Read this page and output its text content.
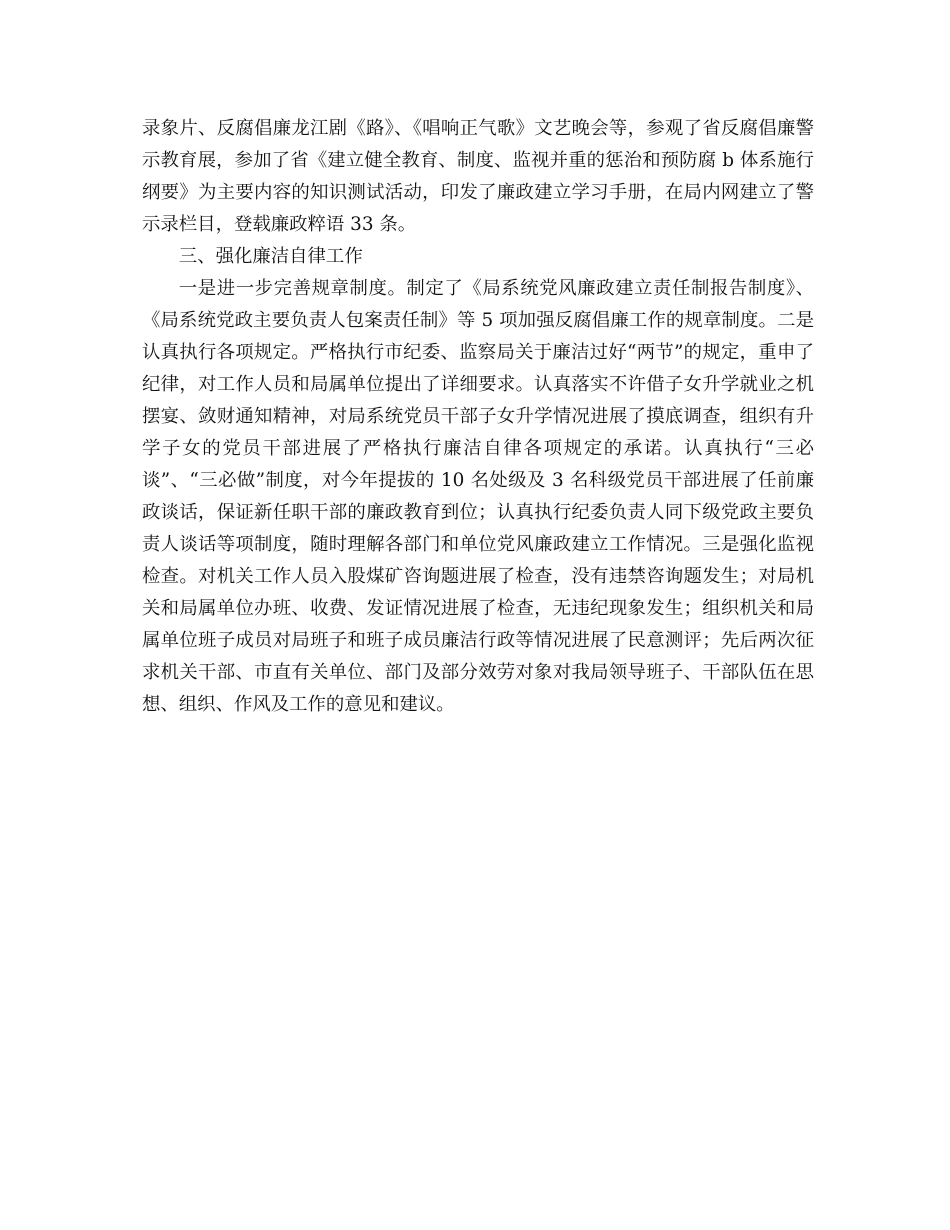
录象片、反腐倡廉龙江剧《路》、《唱响正气歌》文艺晚会等，参观了省反腐倡廉警示教育展，参加了省《建立健全教育、制度、监视并重的惩治和预防腐 b 体系施行纲要》为主要内容的知识测试活动，印发了廉政建立学习手册，在局内网建立了警示录栏目，登载廉政粹语 33 条。

三、强化廉洁自律工作

一是进一步完善规章制度。制定了《局系统党风廉政建立责任制报告制度》、《局系统党政主要负责人包案责任制》等 5 项加强反腐倡廉工作的规章制度。二是认真执行各项规定。严格执行市纪委、监察局关于廉洁过好“两节”的规定，重申了纪律，对工作人员和局属单位提出了详细要求。认真落实不许借子女升学就业之机摆宴、敛财通知精神，对局系统党员干部子女升学情况进展了摸底调查，组织有升学子女的党员干部进展了严格执行廉洁自律各项规定的承诺。认真执行“三必谈”、“三必做”制度，对今年提拔的 10 名处级及 3 名科级党员干部进展了任前廉政谈话，保证新任职干部的廉政教育到位；认真执行纪委负责人同下级党政主要负责人谈话等项制度，随时理解各部门和单位党风廉政建立工作情况。三是强化监视检查。对机关工作人员入股煤矿咨询题进展了检查，没有违禁咨询题发生；对局机关和局属单位办班、收费、发证情况进展了检查，无违纪现象发生；组织机关和局属单位班子成员对局班子和班子成员廉洁行政等情况进展了民意测评；先后两次征求机关干部、市直有关单位、部门及部分效劳对象对我局领导班子、干部队伍在思想、组织、作风及工作的意见和建议。
